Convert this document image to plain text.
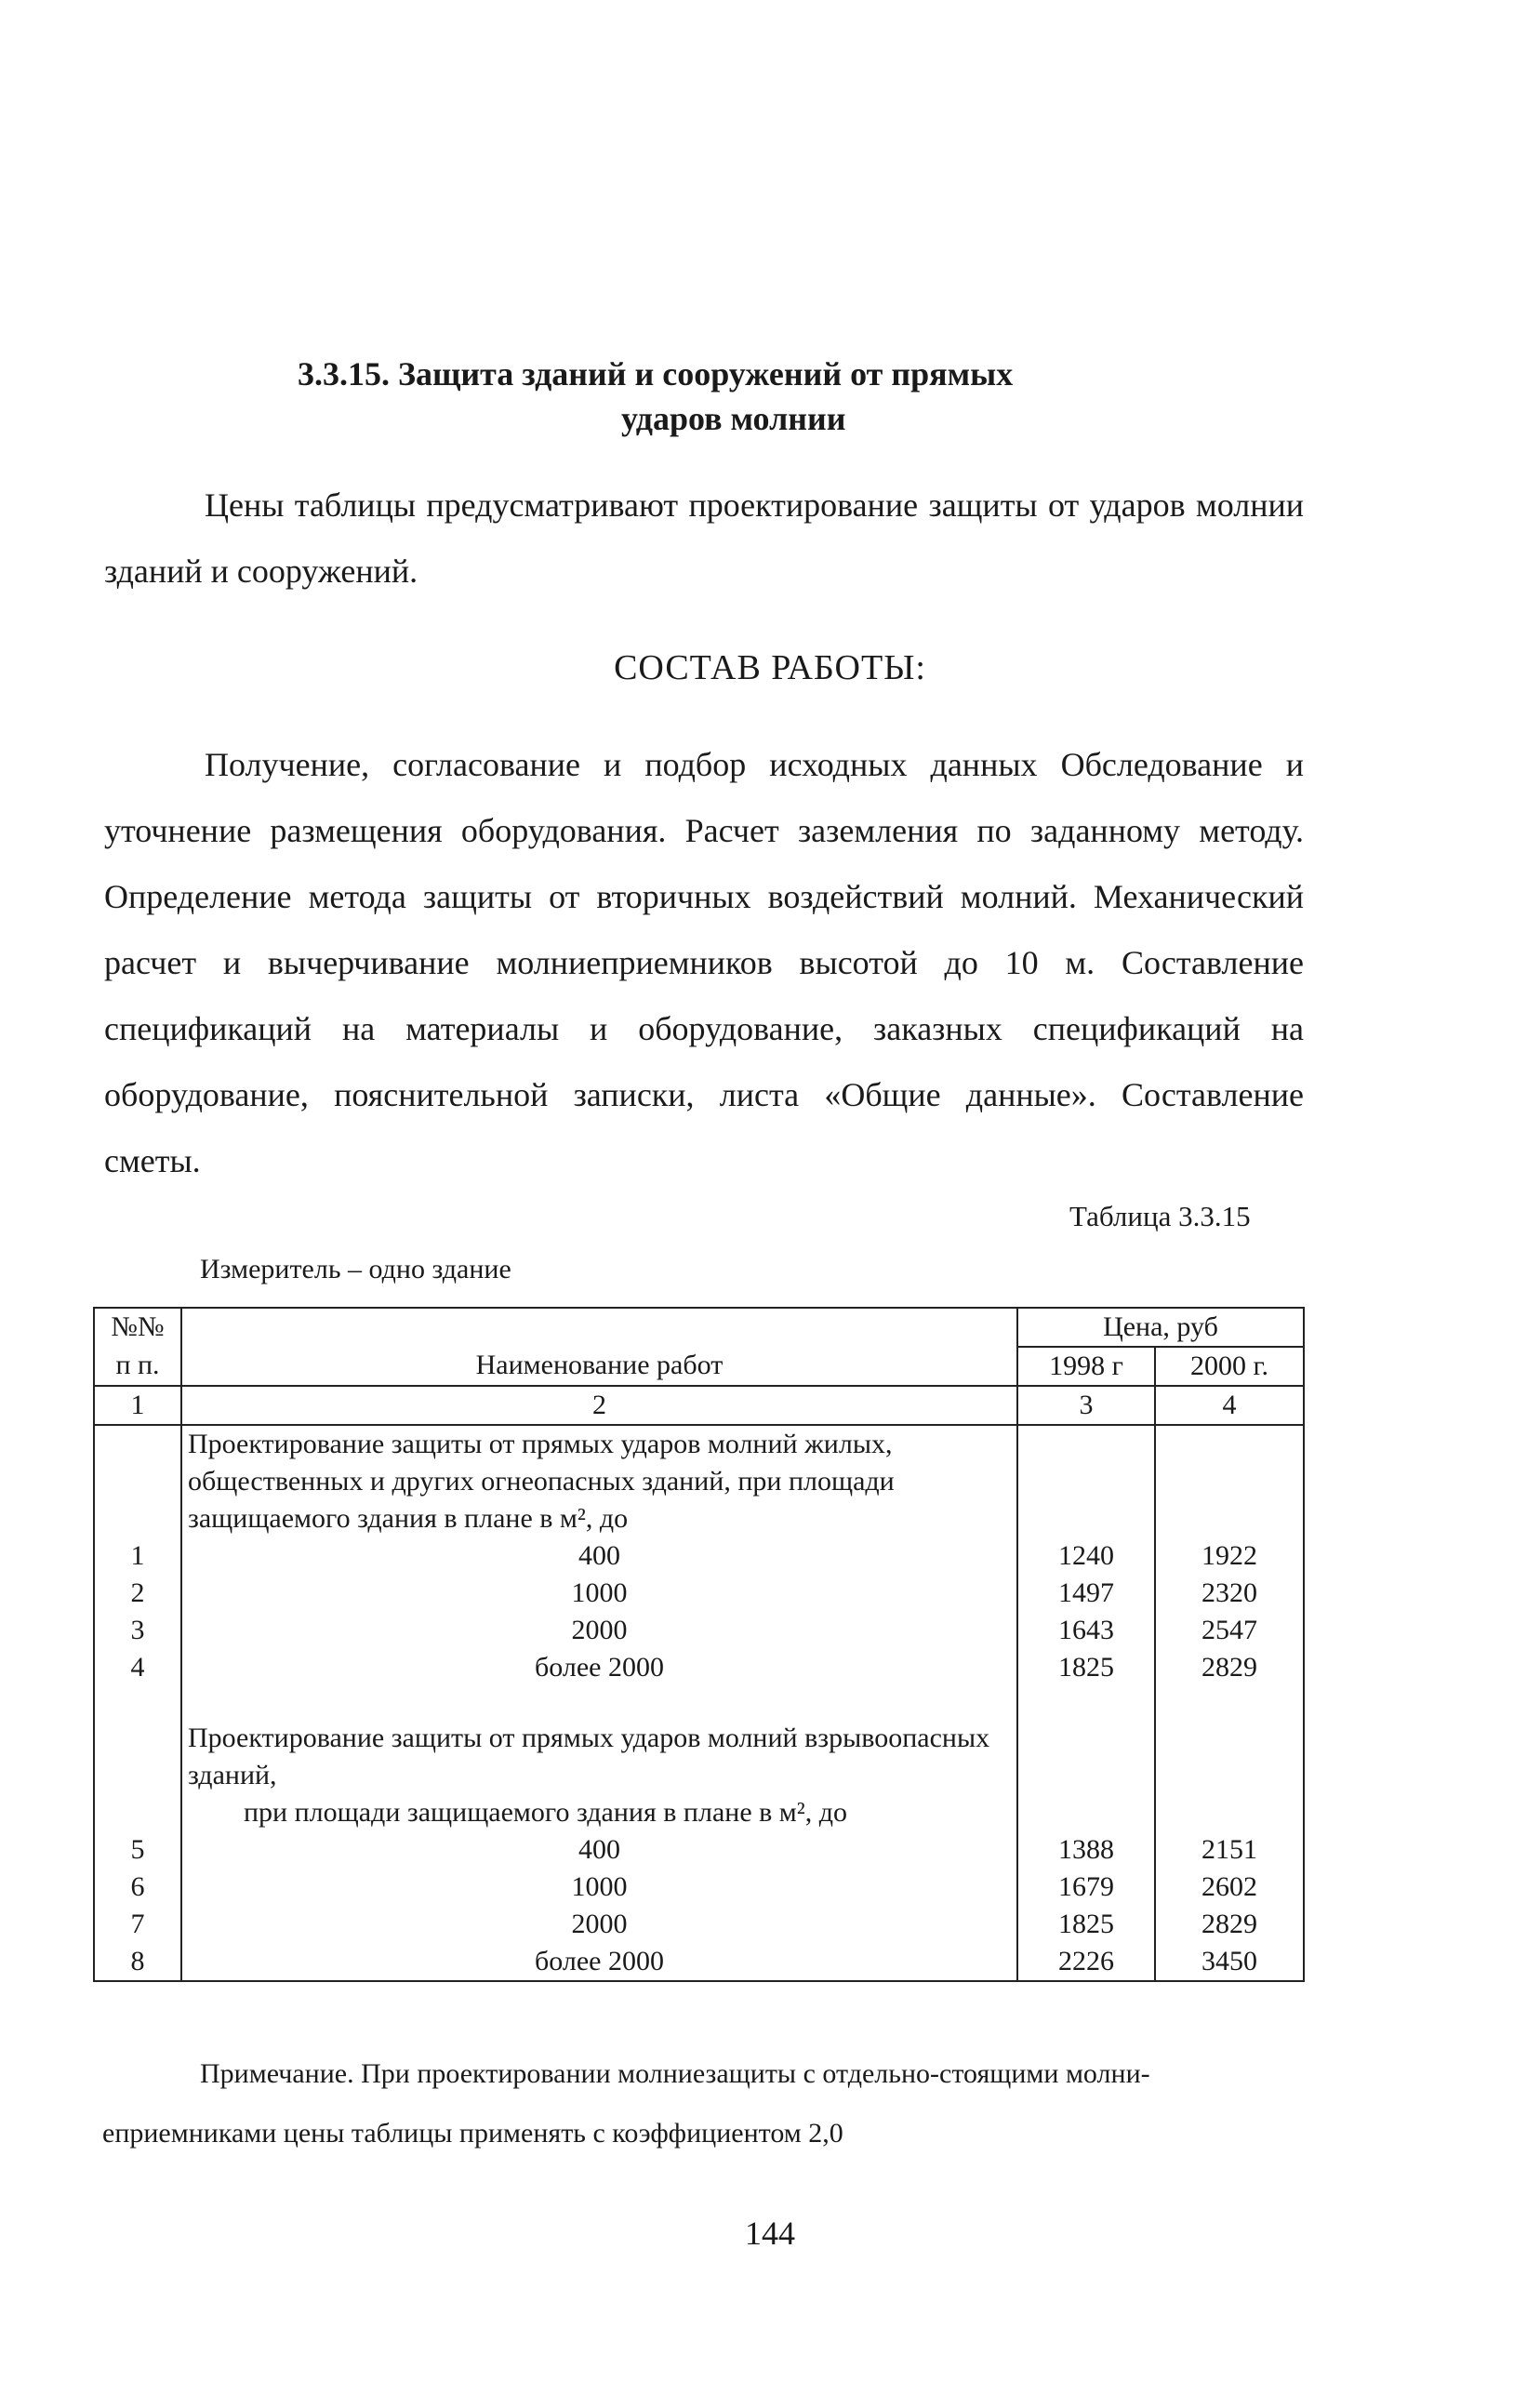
3.3.15. Защита зданий и сооружений от прямых
ударов молнии
Цены таблицы предусматривают проектирование защиты от ударов молнии зданий и сооружений.
СОСТАВ РАБОТЫ:
Получение, согласование и подбор исходных данных Обследование и уточнение размещения оборудования. Расчет заземления по заданному методу. Определение метода защиты от вторичных воздействий молний. Механический расчет и вычерчивание молниеприемников высотой до 10 м. Составление спецификаций на материалы и оборудование, заказных спецификаций на оборудование, пояснительной записки, листа «Общие данные». Составление сметы.
Таблица 3.3.15
Измеритель – одно здание
№№		Цена, руб	
п п.	Наименование работ	1998 г	2000 г.
1	2	3	4
	Проектирование защиты от прямых ударов молний жилых, общественных и других огнеопасных зданий, при площади защищаемого здания в плане в м², до		
1	400	1240	1922
2	1000	1497	2320
3	2000	1643	2547
4	более 2000	1825	2829

	Проектирование защиты от прямых ударов молний взрывоопасных зданий,
при площади защищаемого здания в плане в м², до		

5	400	1388	2151
6	1000	1679	2602
7	2000	1825	2829
8	более 2000	2226	3450
Примечание. При проектировании молниезащиты с отдельно-стоящими молни-
еприемниками цены таблицы применять с коэффициентом 2,0
144
